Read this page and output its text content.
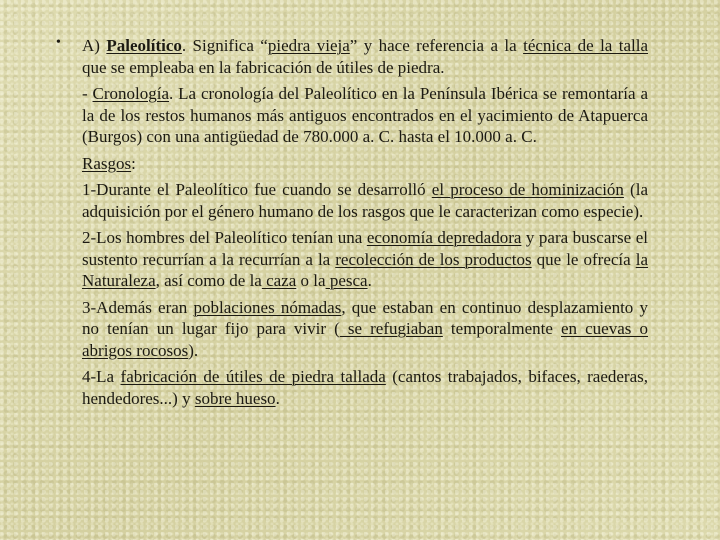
• A) Paleolítico. Significa “piedra vieja” y hace referencia a la técnica de la talla que se empleaba en la fabricación de útiles de piedra.

- Cronología. La cronología del Paleolítico en la Península Ibérica se remontaría a la de los restos humanos más antiguos encontrados en el yacimiento de Atapuerca (Burgos) con una antigüedad de 780.000 a. C. hasta el 10.000 a. C.

Rasgos:

1-Durante el Paleolítico fue cuando se desarrolló el proceso de hominización (la adquisición por el género humano de los rasgos que le caracterizan como especie).

2-Los hombres del Paleolítico tenían una economía depredadora y para buscarse el sustento recurrían a la recurrían a la recolección de los productos que le ofrecía la Naturaleza, así como de la caza o la pesca.

3-Además eran poblaciones nómadas, que estaban en continuo desplazamiento y no tenían un lugar fijo para vivir ( se refugiaban temporalmente en cuevas o abrigos rocosos).

4-La fabricación de útiles de piedra tallada (cantos trabajados, bifaces, raederas, hendedores...) y sobre hueso.
